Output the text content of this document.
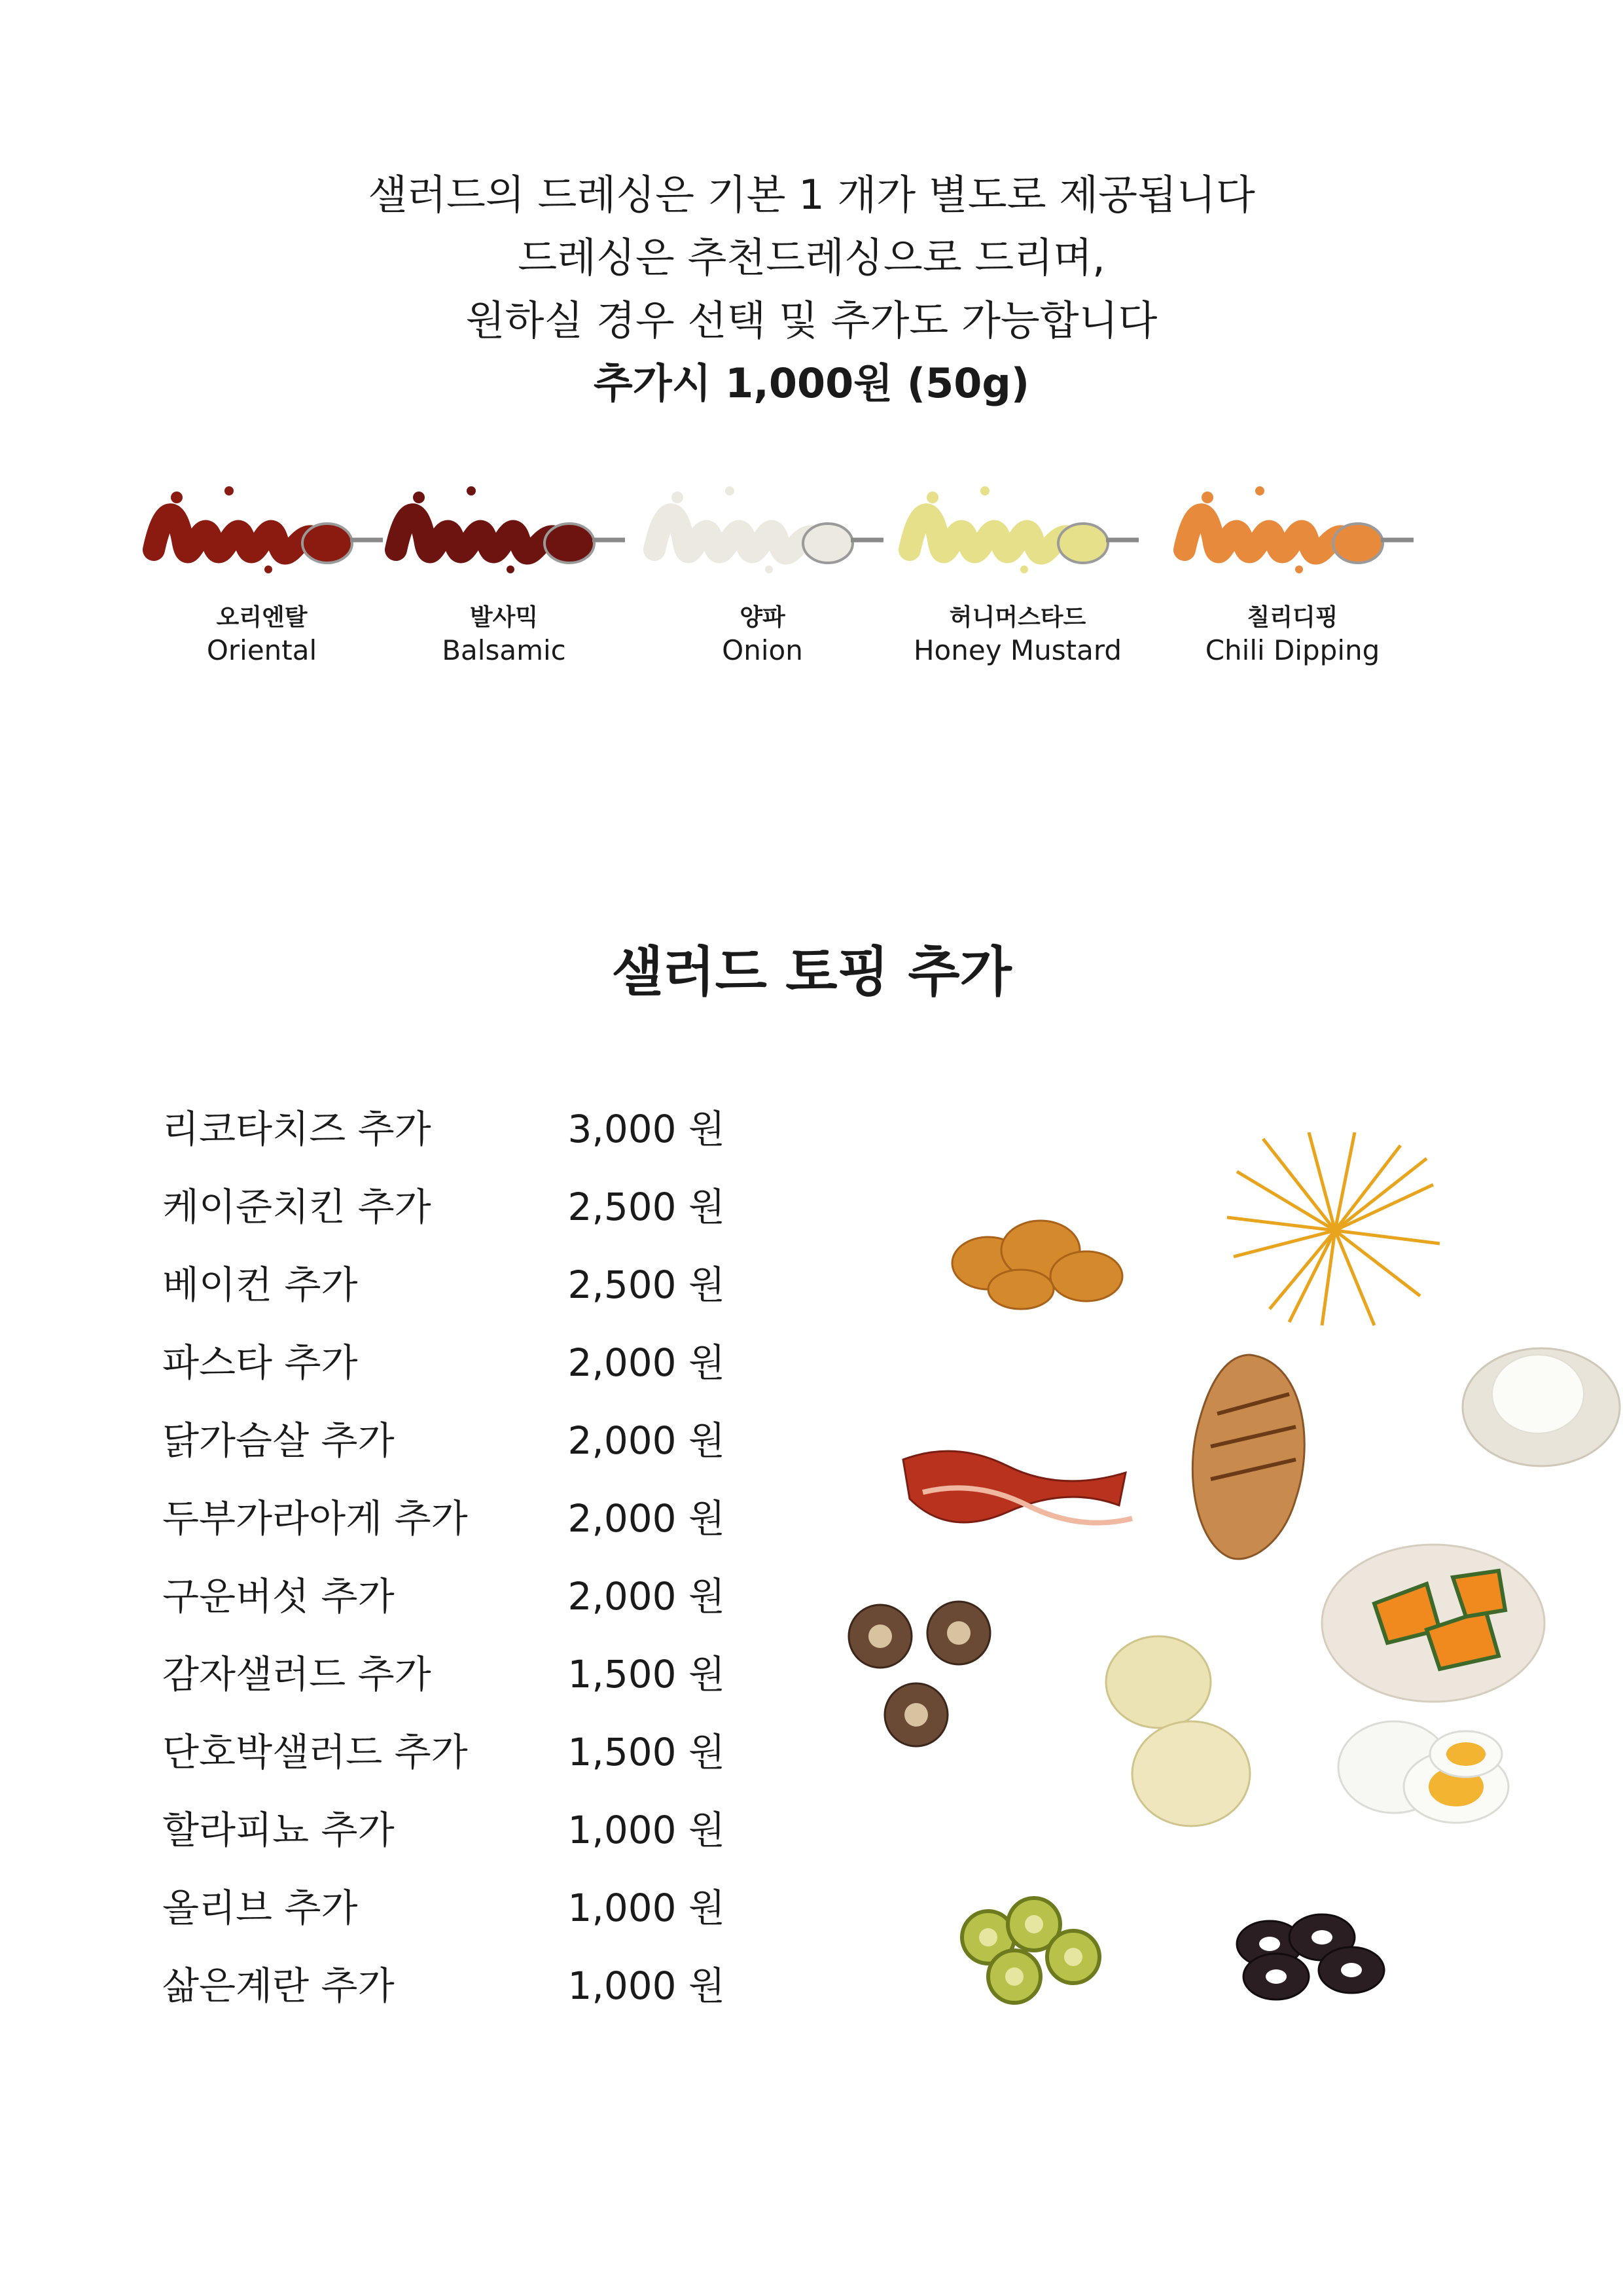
샐러드의 드레싱은 기본 1 개가 별도로 제공됩니다
드레싱은 추천드레싱으로 드리며,
원하실 경우 선택 및 추가도 가능합니다
추가시 1,000원 (50g)
오리엔탈
Oriental
발사믹
Balsamic
양파
Onion
허니머스타드
Honey Mustard
칠리디핑
Chili Dipping
샐러드 토핑 추가
리코타치즈 추가	3,000 원
케이준치킨 추가	2,500 원
베이컨 추가	2,500 원
파스타 추가	2,000 원
닭가슴살 추가	2,000 원
두부가라아게 추가	2,000 원
구운버섯 추가	2,000 원
감자샐러드 추가	1,500 원
단호박샐러드 추가	1,500 원
할라피뇨 추가	1,000 원
올리브 추가	1,000 원
삶은계란 추가	1,000 원
